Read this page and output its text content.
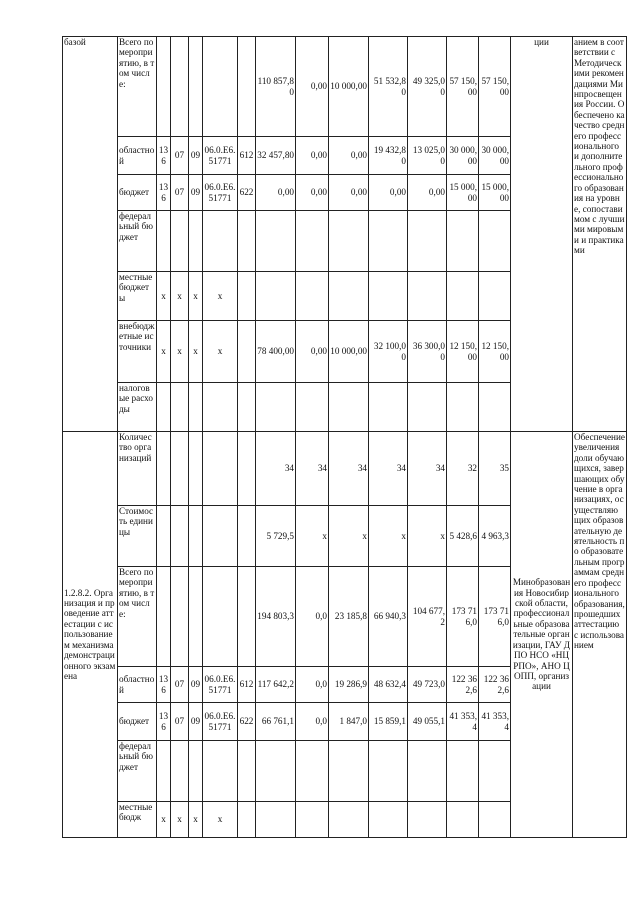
базой	Всего по мероприятию, в том числе:						110 857,80	0,00	10 000,00	51 532,80	49 325,00	57 150,00	57 150,00	ции	анием в соответствии с Методическими рекомендациями Минпросвещения России. Обеспечено качество среднего профессионального и дополнительного профессионального образования на уровне, сопоставимом с лучшими мировыми и практиками
	областной	136	07	09	06.0.E6.51771	612	32 457,80	0,00	0,00	19 432,80	13 025,00	30 000,00	30 000,00		
	бюджет	136	07	09	06.0.E6.51771	622	0,00	0,00	0,00	0,00	0,00	15 000,00	15 000,00		
	федеральный бюджет														
	местные бюджеты	x	x	x	x										
	внебюджетные источники	x	x	x	x		78 400,00	0,00	10 000,00	32 100,00	36 300,00	12 150,00	12 150,00		
	налоговые расходы														
1.2.8.2. Организация и проведение аттестации с использованием механизма демонстрационного экзамена	Количество организаций						34	34	34	34	34	32	35	Минобразования Новосибирской области, профессиональные образовательные организации, ГАУ ДПО НСО «НЦРПО», АНО ЦОПП, организации	Обеспечение увеличения доли обучающихся, завершающих обучение в организациях, осуществляющих образовательную деятельность по образовательным программам среднего профессионального образования, прошедших аттестацию с использованием
	Стоимость единицы						5 729,5	x	x	x	x	5 428,6	4 963,3		
	Всего по мероприятию, в том числе:						194 803,3	0,0	23 185,8	66 940,3	104 677,2	173 716,0	173 716,0		
	областной	136	07	09	06.0.E6.51771	612	117 642,2	0,0	19 286,9	48 632,4	49 723,0	122 362,6	122 362,6		
	бюджет	136	07	09	06.0.E6.51771	622	66 761,1	0,0	1 847,0	15 859,1	49 055,1	41 353,4	41 353,4		
	федеральный бюджет														
	местные бюдж	x	x	x	x										
